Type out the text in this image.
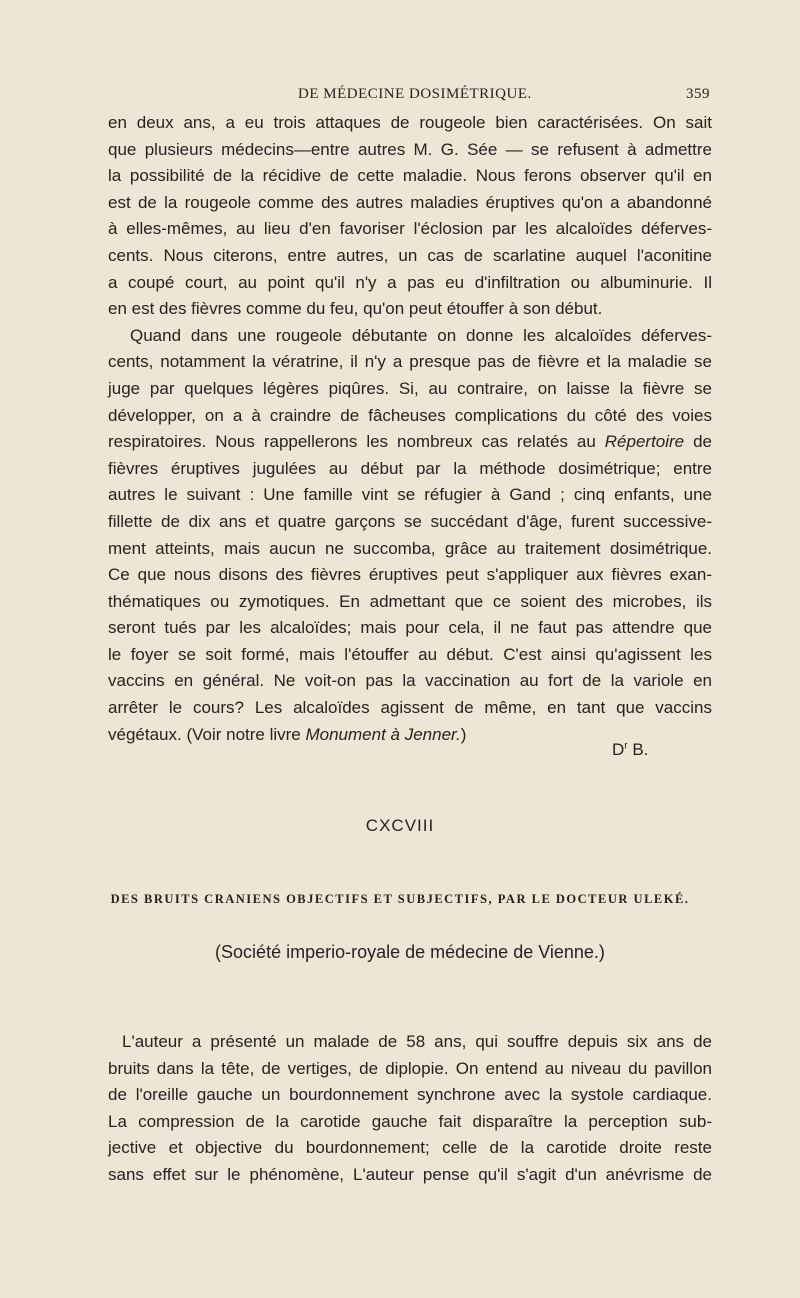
DE MÉDECINE DOSIMÉTRIQUE.	359

en deux ans, a eu trois attaques de rougeole bien caractérisées. On sait
que plusieurs médecins—entre autres M. G. Sée — se refusent à admettre
la possibilité de la récidive de cette maladie. Nous ferons observer qu'il en
est de la rougeole comme des autres maladies éruptives qu'on a abandonné
à elles-mêmes, au lieu d'en favoriser l'éclosion par les alcaloïdes déferves-
cents. Nous citerons, entre autres, un cas de scarlatine auquel l'aconitine
a coupé court, au point qu'il n'y a pas eu d'infiltration ou albuminurie. Il
en est des fièvres comme du feu, qu'on peut étouffer à son début.

Quand dans une rougeole débutante on donne les alcaloïdes déferves-
cents, notamment la vératrine, il n'y a presque pas de fièvre et la maladie se
juge par quelques légères piqûres. Si, au contraire, on laisse la fièvre se
développer, on a à craindre de fâcheuses complications du côté des voies
respiratoires. Nous rappellerons les nombreux cas relatés au Répertoire de
fièvres éruptives jugulées au début par la méthode dosimétrique; entre
autres le suivant : Une famille vint se réfugier à Gand ; cinq enfants, une
fillette de dix ans et quatre garçons se succédant d'âge, furent successive-
ment atteints, mais aucun ne succomba, grâce au traitement dosimétrique.
Ce que nous disons des fièvres éruptives peut s'appliquer aux fièvres exan-
thématiques ou zymotiques. En admettant que ce soient des microbes, ils
seront tués par les alcaloïdes; mais pour cela, il ne faut pas attendre que
le foyer se soit formé, mais l'étouffer au début. C'est ainsi qu'agissent les
vaccins en général. Ne voit-on pas la vaccination au fort de la variole en
arrêter le cours? Les alcaloïdes agissent de même, en tant que vaccins
végétaux. (Voir notre livre Monument à Jenner.)

$D^r$ B.
CXCVIII
DES BRUITS CRANIENS OBJECTIFS ET SUBJECTIFS, PAR LE DOCTEUR ULEKÉ.
(Société imperio-royale de médecine de Vienne.)

L'auteur a présenté un malade de 58 ans, qui souffre depuis six ans de
bruits dans la tête, de vertiges, de diplopie. On entend au niveau du pavillon
de l'oreille gauche un bourdonnement synchrone avec la systole cardiaque.
La compression de la carotide gauche fait disparaître la perception sub-
jective et objective du bourdonnement; celle de la carotide droite reste
sans effet sur le phénomène, L'auteur pense qu'il s'agit d'un anévrisme de
